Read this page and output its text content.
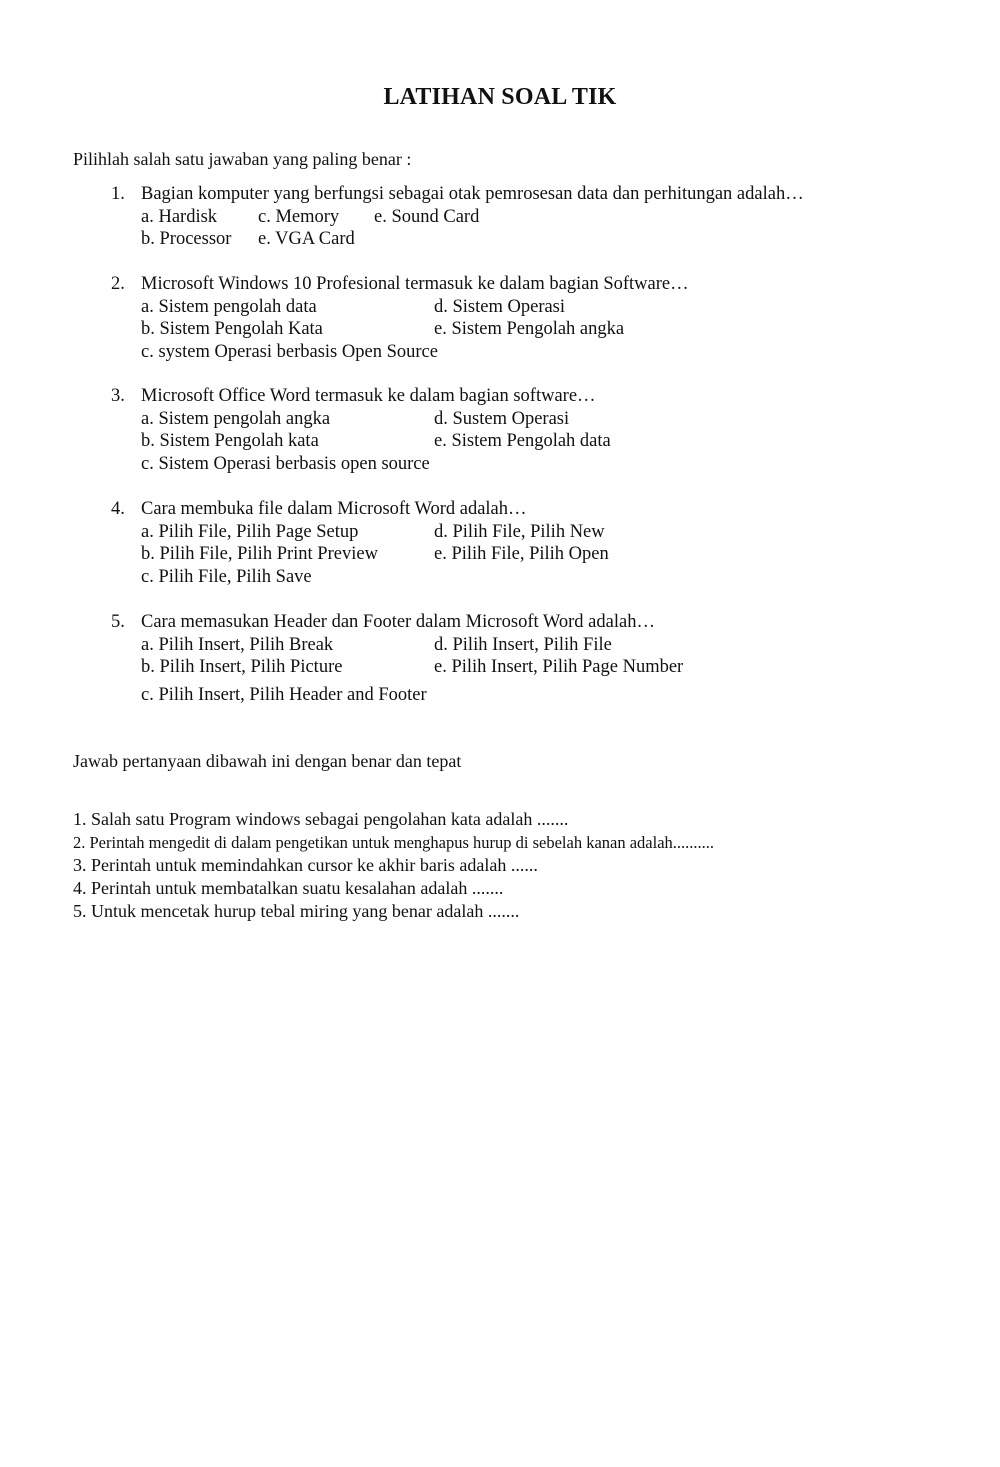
LATIHAN SOAL TIK
Pilihlah salah satu jawaban yang paling benar :
1. Bagian komputer yang berfungsi sebagai otak pemrosesan data dan perhitungan adalah…
a. Hardisk c. Memory e. Sound Card
b. Processor e. VGA Card
2. Microsoft Windows 10 Profesional termasuk ke dalam bagian Software…
a. Sistem pengolah data	d. Sistem Operasi
b. Sistem Pengolah Kata	e. Sistem Pengolah angka
c. system Operasi berbasis Open Source
3. Microsoft Office Word termasuk ke dalam bagian software…
a. Sistem pengolah angka	d. Sustem Operasi
b. Sistem Pengolah kata	e. Sistem Pengolah data
c. Sistem Operasi berbasis open source
4. Cara membuka file dalam Microsoft Word adalah…
a. Pilih File, Pilih Page Setup	d. Pilih File, Pilih New
b. Pilih File, Pilih Print Preview	e. Pilih File, Pilih Open
c. Pilih File, Pilih Save
5. Cara memasukan Header dan Footer dalam Microsoft Word adalah…
a. Pilih Insert, Pilih Break	d. Pilih Insert, Pilih File
b. Pilih Insert, Pilih Picture	e. Pilih Insert, Pilih Page Number
c. Pilih Insert, Pilih Header and Footer
Jawab pertanyaan dibawah ini dengan benar dan tepat
1. Salah satu Program windows sebagai pengolahan kata adalah .......
2. Perintah mengedit di dalam pengetikan untuk menghapus hurup di sebelah kanan adalah..........
3. Perintah untuk memindahkan cursor ke akhir baris adalah ......
4. Perintah untuk membatalkan suatu kesalahan adalah .......
5. Untuk mencetak hurup tebal miring yang benar adalah .......
